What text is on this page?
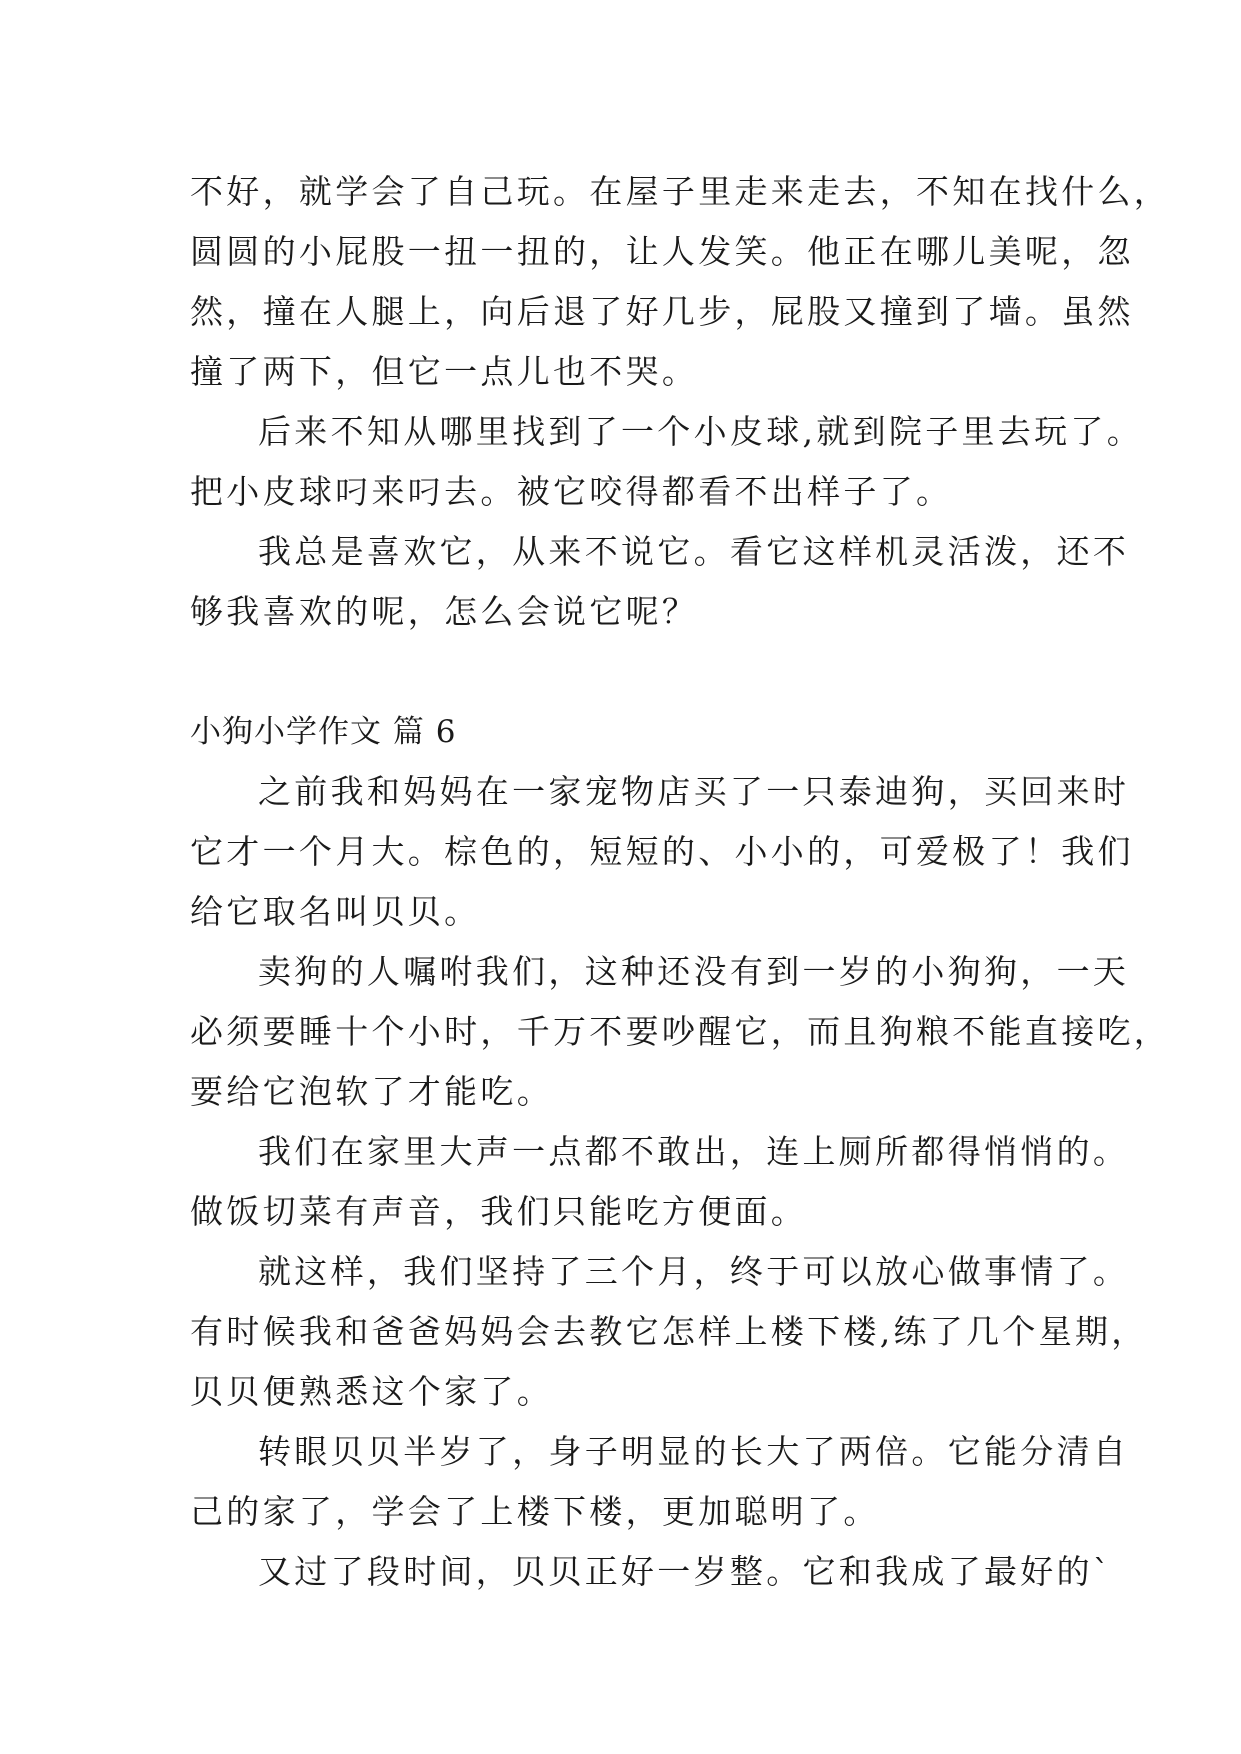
不好，就学会了自己玩。在屋子里走来走去，不知在找什么，
圆圆的小屁股一扭一扭的，让人发笑。他正在哪儿美呢，忽
然，撞在人腿上，向后退了好几步，屁股又撞到了墙。虽然
撞了两下，但它一点儿也不哭。
后来不知从哪里找到了一个小皮球,就到院子里去玩了。
把小皮球叼来叼去。被它咬得都看不出样子了。
我总是喜欢它，从来不说它。看它这样机灵活泼，还不
够我喜欢的呢，怎么会说它呢？
小狗小学作文 篇 6
之前我和妈妈在一家宠物店买了一只泰迪狗，买回来时
它才一个月大。棕色的，短短的、小小的，可爱极了！我们
给它取名叫贝贝。
卖狗的人嘱咐我们，这种还没有到一岁的小狗狗，一天
必须要睡十个小时，千万不要吵醒它，而且狗粮不能直接吃，
要给它泡软了才能吃。
我们在家里大声一点都不敢出，连上厕所都得悄悄的。
做饭切菜有声音，我们只能吃方便面。
就这样，我们坚持了三个月，终于可以放心做事情了。
有时候我和爸爸妈妈会去教它怎样上楼下楼,练了几个星期，
贝贝便熟悉这个家了。
转眼贝贝半岁了，身子明显的长大了两倍。它能分清自
己的家了，学会了上楼下楼，更加聪明了。
又过了段时间，贝贝正好一岁整。它和我成了最好的`
